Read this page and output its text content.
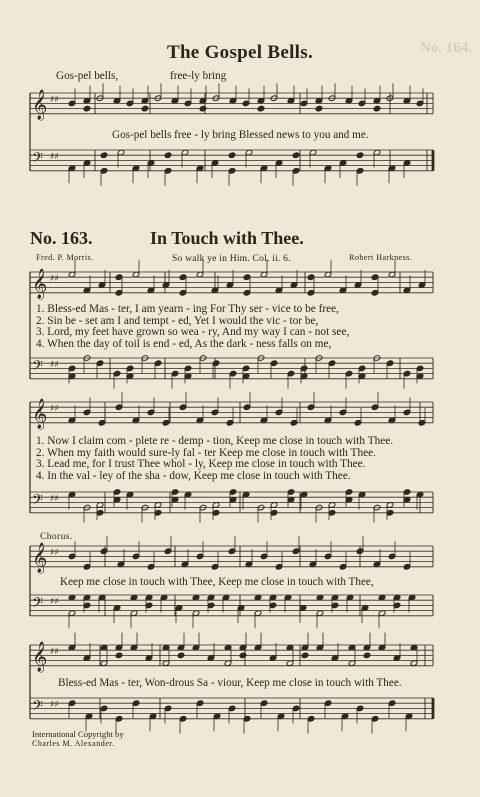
The Gospel Bells.	No. 164.
Gos-pel bells,	free-ly bring
Gos-pel bells free - ly bring Blessed news to you and me.
No. 163.	In Touch with Thee.
Fred. P. Morris.	So walk ye in Him. Col. ii. 6.	Robert Harkness.
1. Bless-ed Mas - ter, I am yearn - ing For Thy ser - vice to be free,
2. Sin be - set am I and tempt - ed, Yet I would the vic - tor be,
3. Lord, my feet have grown so wea - ry, And my way I can - not see,
4. When the day of toil is end - ed, As the dark - ness falls on me,
1. Now I claim com - plete re - demp - tion, Keep me close in touch with Thee.
2. When my faith would sure-ly fal - ter Keep me close in touch with Thee.
3. Lead me, for I trust Thee whol - ly, Keep me close in touch with Thee.
4. In the val - ley of the sha - dow, Keep me close in touch with Thee.
Chorus.
Keep me close in touch with Thee, Keep me close in touch with Thee,
Bless-ed Mas - ter, Won-drous Sa - viour, Keep me close in touch with Thee.
International Copyright by
Charles M. Alexander.
𝄞 ♯♯
𝄢 ♯♯
𝄞 ♯♯
𝄢 ♯♯
𝄞 ♯♯
𝄢 ♯♯
𝄞 ♯♯
𝄢 ♯♯
𝄞 ♯♯
𝄢 ♯♯
